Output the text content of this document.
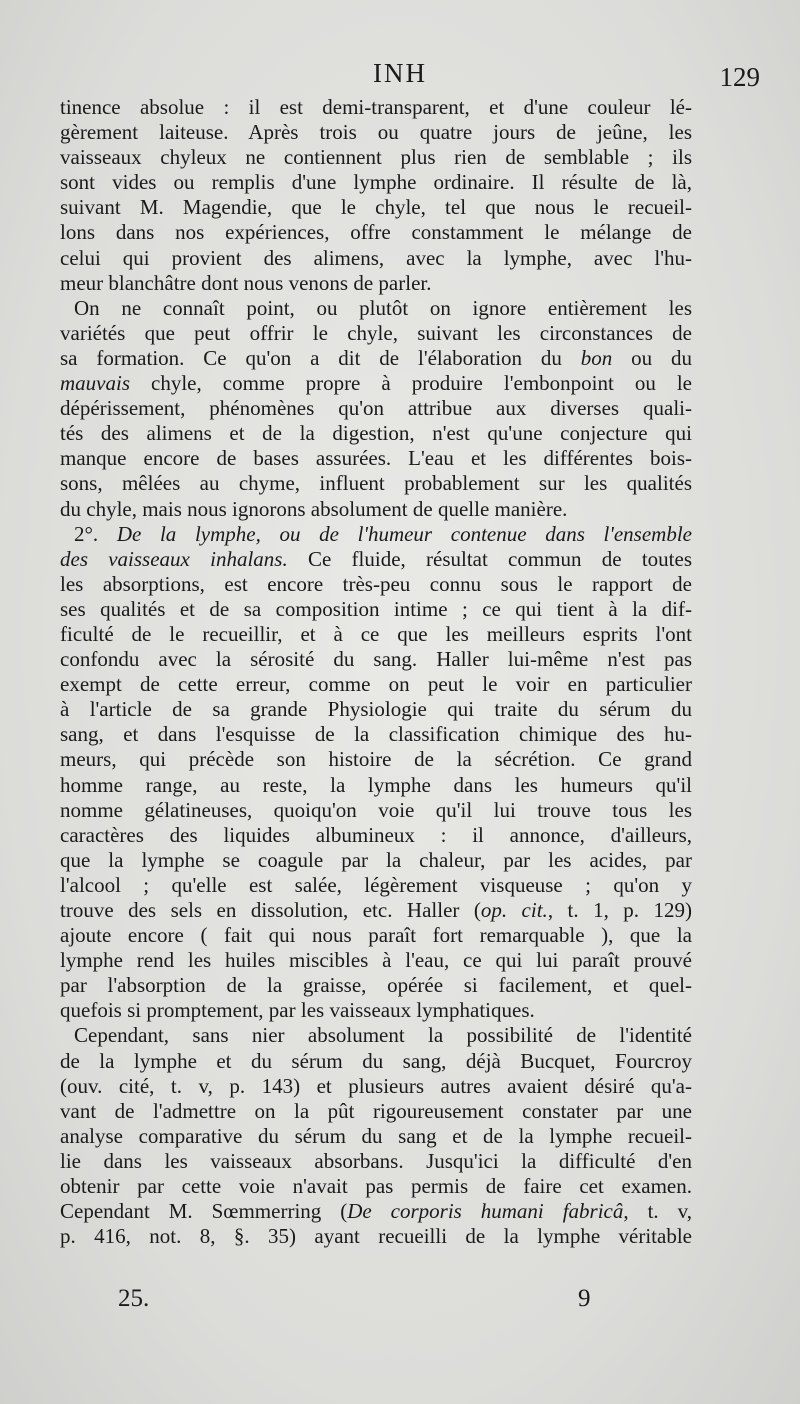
INH	129
tinence absolue : il est demi-transparent, et d'une couleur lé-
gèrement laiteuse. Après trois ou quatre jours de jeûne, les
vaisseaux chyleux ne contiennent plus rien de semblable ; ils
sont vides ou remplis d'une lymphe ordinaire. Il résulte de là,
suivant M. Magendie, que le chyle, tel que nous le recueil-
lons dans nos expériences, offre constamment le mélange de
celui qui provient des alimens, avec la lymphe, avec l'hu-
meur blanchâtre dont nous venons de parler.
On ne connaît point, ou plutôt on ignore entièrement les
variétés que peut offrir le chyle, suivant les circonstances de
sa formation. Ce qu'on a dit de l'élaboration du bon ou du
mauvais chyle, comme propre à produire l'embonpoint ou le
dépérissement, phénomènes qu'on attribue aux diverses quali-
tés des alimens et de la digestion, n'est qu'une conjecture qui
manque encore de bases assurées. L'eau et les différentes bois-
sons, mêlées au chyme, influent probablement sur les qualités
du chyle, mais nous ignorons absolument de quelle manière.
2°. De la lymphe, ou de l'humeur contenue dans l'ensemble
des vaisseaux inhalans. Ce fluide, résultat commun de toutes
les absorptions, est encore très-peu connu sous le rapport de
ses qualités et de sa composition intime ; ce qui tient à la dif-
ficulté de le recueillir, et à ce que les meilleurs esprits l'ont
confondu avec la sérosité du sang. Haller lui-même n'est pas
exempt de cette erreur, comme on peut le voir en particulier
à l'article de sa grande Physiologie qui traite du sérum du
sang, et dans l'esquisse de la classification chimique des hu-
meurs, qui précède son histoire de la sécrétion. Ce grand
homme range, au reste, la lymphe dans les humeurs qu'il
nomme gélatineuses, quoiqu'on voie qu'il lui trouve tous les
caractères des liquides albumineux : il annonce, d'ailleurs,
que la lymphe se coagule par la chaleur, par les acides, par
l'alcool ; qu'elle est salée, légèrement visqueuse ; qu'on y
trouve des sels en dissolution, etc. Haller (op. cit., t. 1, p. 129)
ajoute encore ( fait qui nous paraît fort remarquable ), que la
lymphe rend les huiles miscibles à l'eau, ce qui lui paraît prouvé
par l'absorption de la graisse, opérée si facilement, et quel-
quefois si promptement, par les vaisseaux lymphatiques.
Cependant, sans nier absolument la possibilité de l'identité
de la lymphe et du sérum du sang, déjà Bucquet, Fourcroy
(ouv. cité, t. v, p. 143) et plusieurs autres avaient désiré qu'a-
vant de l'admettre on la pût rigoureusement constater par une
analyse comparative du sérum du sang et de la lymphe recueil-
lie dans les vaisseaux absorbans. Jusqu'ici la difficulté d'en
obtenir par cette voie n'avait pas permis de faire cet examen.
Cependant M. Sœmmerring (De corporis humani fabricâ, t. v,
p. 416, not. 8, §. 35) ayant recueilli de la lymphe véritable
25.	9
